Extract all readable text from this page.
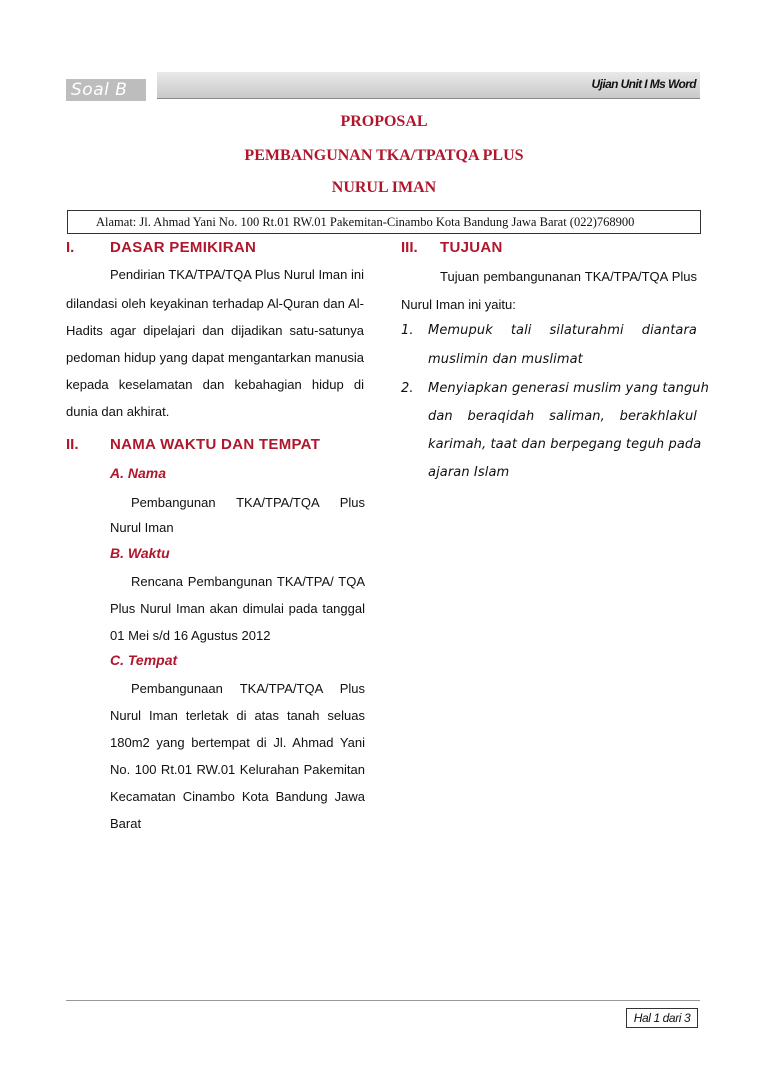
Soal B	Ujian Unit I Ms Word
PROPOSAL
PEMBANGUNAN TKA/TPATQA PLUS
NURUL IMAN
Alamat: Jl. Ahmad Yani No. 100 Rt.01 RW.01 Pakemitan-Cinambo Kota Bandung Jawa Barat (022)768900
I. DASAR PEMIKIRAN
Pendirian TKA/TPA/TQA Plus Nurul Iman ini
dilandasi oleh keyakinan terhadap Al-Quran dan Al-
Hadits agar dipelajari dan dijadikan satu-satunya
pedoman hidup yang dapat mengantarkan manusia
kepada keselamatan dan kebahagian hidup di
dunia dan akhirat.
II. NAMA WAKTU DAN TEMPAT
A. Nama
Pembangunan TKA/TPA/TQA Plus
Nurul Iman
B. Waktu
Rencana Pembangunan TKA/TPA/ TQA
Plus Nurul Iman akan dimulai pada tanggal
01 Mei s/d 16 Agustus 2012
C. Tempat
Pembangunaan TKA/TPA/TQA Plus
Nurul Iman terletak di atas tanah seluas
180m2 yang bertempat di Jl. Ahmad Yani
No. 100 Rt.01 RW.01 Kelurahan Pakemitan
Kecamatan Cinambo Kota Bandung Jawa
Barat
III. TUJUAN
Tujuan pembangunanan TKA/TPA/TQA Plus
Nurul Iman ini yaitu:
1. Memupuk tali silaturahmi diantara
muslimin dan muslimat
2. Menyiapkan generasi muslim yang tanguh
dan beraqidah saliman, berakhlakul
karimah, taat dan berpegang teguh pada
ajaran Islam
Hal 1 dari 3
